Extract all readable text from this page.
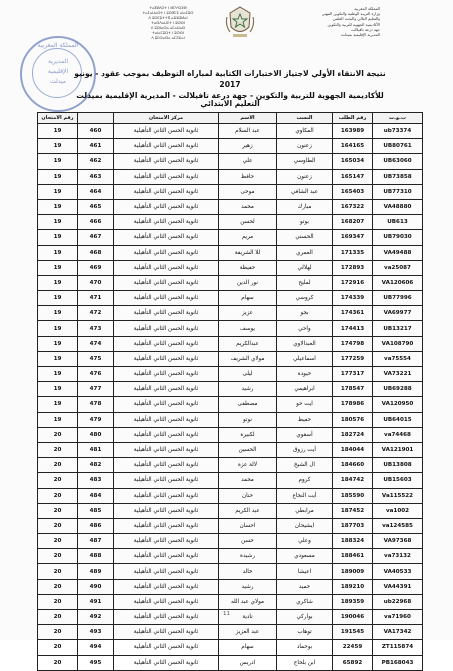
ⵜⴰⴳⵍⴷⵉⵜ ⵏ ⵍⵎⵖⵔⵉⴱ
ⵜⴰⵎⴰⵡⴰⵙⵜ ⵏ ⵓⵙⴳⵎⵉ ⴰⵏⴰⵎⵓⵔ
ⴷ ⵓⵙⵎⵓⵜⵜⴳ ⴰⵣⵣⵓⵍⴰⵏ
ⵜⴰⵙⴷⴰⵡⵉⵜ ⵏ ⵓⵙⵙⵏ
ⴷ ⵓⵙⵏⴰⵙⴰ ⴰⵎⴰⵡⴰⵙ
ⵜⴰⵏⴰⵎⵓⵔⵜ ⵏ ⵓⵙⵙⵏ
ⴷ ⵓⵎⵙⴰⵙⴰ ⴰⵎⵉⵣⴰⵏ
المملكة المغربية
وزارة التربية الوطنية والتكوين المهني
والتعليم العالي والبحث العلمي
الأكاديمية الجهوية للتربية والتكوين
جهة درعة تافيلالت
المديرية الإقليمية بميدلت
المملكة المغربية
المديرية
الإقليمية
ميدلت
نتيجة الانتقاء الأولي لاجتياز الاختبارات الكتابية لمباراة التوظيف بموجب عقود - يونيو 2017
للأكاديمية الجهوية للتربية والتكوين - جهة درعة تافيلالت - المديرية الإقليمية بميدلت
التعليم الابتدائي
رقم الامتحان		مركز الامتحان	الاسم	النسب	رقم الطلب	ب.و.ت
19	460	ثانوية الحسن الثاني التأهيلية	عبد السلام	المكاوي	163989	ub73374
19	461	ثانوية الحسن الثاني التأهيلية	زهير	زعنون	164165	UB80761
19	462	ثانوية الحسن الثاني التأهيلية	علي	الطاوسي	165034	UB63060
19	463	ثانوية الحسن الثاني التأهيلية	حافظ	زعنون	165147	UB73858
19	464	ثانوية الحسن الثاني التأهيلية	موحى	عبد الشافي	165403	UB77310
19	465	ثانوية الحسن الثاني التأهيلية	محمد	مبارك	167322	VA48880
19	466	ثانوية الحسن الثاني التأهيلية	لحسن	بوتو	168207	UB613
19	467	ثانوية الحسن الثاني التأهيلية	مريم	الحسني	169347	UB79030
19	468	ثانوية الحسن الثاني التأهيلية	للا الشريفة	العمري	171335	VA49488
19	469	ثانوية الحسن الثاني التأهيلية	حفيظة	لهلالي	172893	va25087
19	470	ثانوية الحسن الثاني التأهيلية	نور الدين	لمليح	172916	VA120606
19	471	ثانوية الحسن الثاني التأهيلية	سهام	كروسي	174339	UB77996
19	472	ثانوية الحسن الثاني التأهيلية	عزيز	بجو	174361	VA69977
19	473	ثانوية الحسن الثاني التأهيلية	يوسف	واحي	174413	UB13217
19	474	ثانوية الحسن الثاني التأهيلية	عبدالكريم	العبدالاوي	174798	VA108790
19	475	ثانوية الحسن الثاني التأهيلية	مولاي الشريف	اسماعيلي	177259	va75554
19	476	ثانوية الحسن الثاني التأهيلية	ليلى	حيودة	177317	VA73221
19	477	ثانوية الحسن الثاني التأهيلية	رشيد	ابراهيمي	178547	UB69288
19	478	ثانوية الحسن الثاني التأهيلية	مصطفى	ايت حو	178986	VA120950
19	479	ثانوية الحسن الثاني التأهيلية	نوتو	حفيظ	180576	UB64015
20	480	ثانوية الحسن الثاني التأهيلية	لكبيرة	أسقوي	182724	va74468
20	481	ثانوية الحسن الثاني التأهيلية	الحسين	أيت رزوق	184044	VA121901
20	482	ثانوية الحسن الثاني التأهيلية	لالة عزة	ال الشيخ	184660	UB13808
20	483	ثانوية الحسن الثاني التأهيلية	محمد	كروم	184742	UB15603
20	484	ثانوية الحسن الثاني التأهيلية	حنان	أيت النجاع	185590	Va115522
20	485	ثانوية الحسن الثاني التأهيلية	عبد الكريم	مرابطي	187452	va1002
20	486	ثانوية الحسن الثاني التأهيلية	احسان	ايشيحان	187703	va124585
20	487	ثانوية الحسن الثاني التأهيلية	حسن	وعلي	188324	VA97368
20	488	ثانوية الحسن الثاني التأهيلية	رشيدة	مسعودي	188461	va73132
20	489	ثانوية الحسن الثاني التأهيلية	خالد	اعيشا	189009	VA40533
20	490	ثانوية الحسن الثاني التأهيلية	رشيد	حميد	189210	VA44391
20	491	ثانوية الحسن الثاني التأهيلية	مولاي عبد الله	شاكري	189359	ub22968
20	492	ثانوية الحسن الثاني التأهيلية	نادية	بواركي	190046	va71960
20	493	ثانوية الحسن الثاني التأهيلية	عبد العزيز	توهاب	191545	VA17342
20	494	ثانوية الحسن الثاني التأهيلية	سهام	بوحماد	22459	ZT115874
20	495	ثانوية الحسن الثاني التأهيلية	ادريس	ابن بلحاج	65892	PB168043
11
